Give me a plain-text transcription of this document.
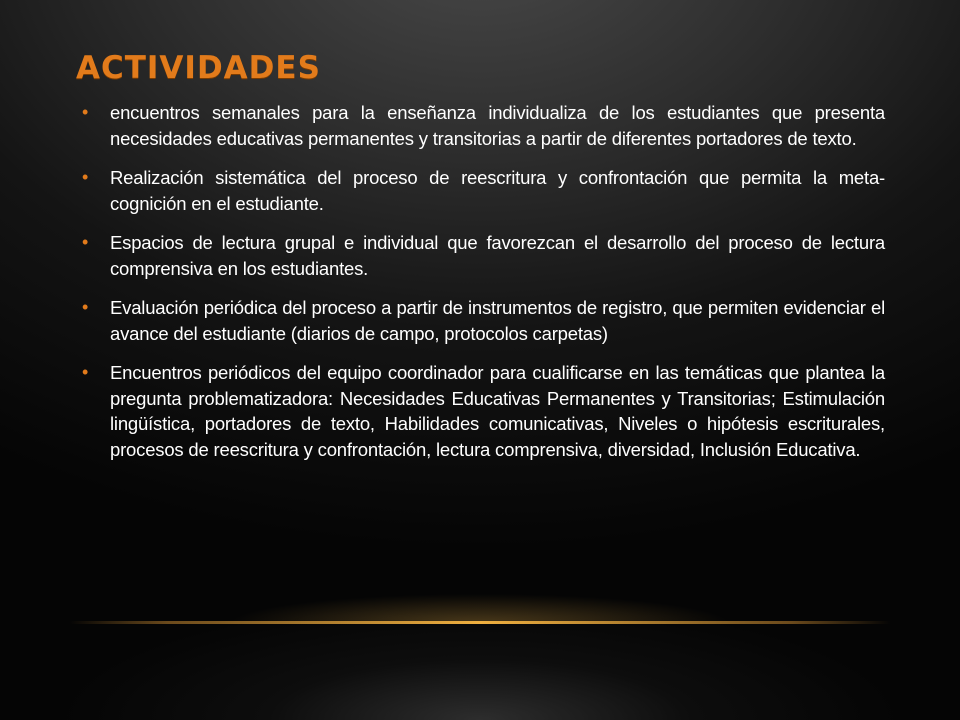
ACTIVIDADES
• encuentros semanales para la enseñanza individualiza de los estudiantes que presenta necesidades educativas permanentes y transitorias a partir de diferentes portadores de texto.
• Realización sistemática del proceso de reescritura y confrontación que permita la meta-cognición en el estudiante.
• Espacios de lectura grupal e individual que favorezcan el desarrollo del proceso de lectura comprensiva en los estudiantes.
• Evaluación periódica del proceso a partir de instrumentos de registro, que permiten evidenciar el avance del estudiante (diarios de campo, protocolos carpetas)
• Encuentros periódicos del equipo coordinador para cualificarse en las temáticas que plantea la pregunta problematizadora: Necesidades Educativas Permanentes y Transitorias; Estimulación lingüística, portadores de texto, Habilidades comunicativas, Niveles o hipótesis escriturales, procesos de reescritura y confrontación, lectura comprensiva, diversidad, Inclusión Educativa.
